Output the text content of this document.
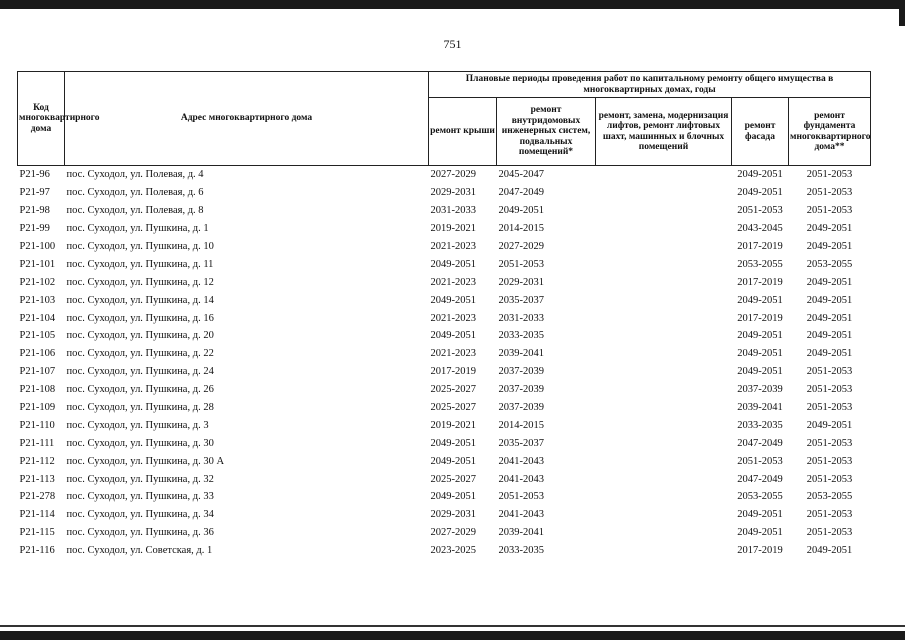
751
Код многоквартирного дома	Адрес многоквартирного дома	Плановые периоды проведения работ по капитальному ремонту общего имущества в многоквартирных домах, годы				
		ремонт крыши	ремонт внутридомовых инженерных систем, подвальных помещений*	ремонт, замена, модернизация лифтов, ремонт лифтовых шахт, машинных и блочных помещений	ремонт фасада	ремонт фундамента многоквартирного дома**
Р21-96	пос. Суходол, ул. Полевая, д. 4	2027-2029	2045-2047		2049-2051	2051-2053
Р21-97	пос. Суходол, ул. Полевая, д. 6	2029-2031	2047-2049		2049-2051	2051-2053
Р21-98	пос. Суходол, ул. Полевая, д. 8	2031-2033	2049-2051		2051-2053	2051-2053
Р21-99	пос. Суходол, ул. Пушкина, д. 1	2019-2021	2014-2015		2043-2045	2049-2051
Р21-100	пос. Суходол, ул. Пушкина, д. 10	2021-2023	2027-2029		2017-2019	2049-2051
Р21-101	пос. Суходол, ул. Пушкина, д. 11	2049-2051	2051-2053		2053-2055	2053-2055
Р21-102	пос. Суходол, ул. Пушкина, д. 12	2021-2023	2029-2031		2017-2019	2049-2051
Р21-103	пос. Суходол, ул. Пушкина, д. 14	2049-2051	2035-2037		2049-2051	2049-2051
Р21-104	пос. Суходол, ул. Пушкина, д. 16	2021-2023	2031-2033		2017-2019	2049-2051
Р21-105	пос. Суходол, ул. Пушкина, д. 20	2049-2051	2033-2035		2049-2051	2049-2051
Р21-106	пос. Суходол, ул. Пушкина, д. 22	2021-2023	2039-2041		2049-2051	2049-2051
Р21-107	пос. Суходол, ул. Пушкина, д. 24	2017-2019	2037-2039		2049-2051	2051-2053
Р21-108	пос. Суходол, ул. Пушкина, д. 26	2025-2027	2037-2039		2037-2039	2051-2053
Р21-109	пос. Суходол, ул. Пушкина, д. 28	2025-2027	2037-2039		2039-2041	2051-2053
Р21-110	пос. Суходол, ул. Пушкина, д. 3	2019-2021	2014-2015		2033-2035	2049-2051
Р21-111	пос. Суходол, ул. Пушкина, д. 30	2049-2051	2035-2037		2047-2049	2051-2053
Р21-112	пос. Суходол, ул. Пушкина, д. 30 А	2049-2051	2041-2043		2051-2053	2051-2053
Р21-113	пос. Суходол, ул. Пушкина, д. 32	2025-2027	2041-2043		2047-2049	2051-2053
Р21-278	пос. Суходол, ул. Пушкина, д. 33	2049-2051	2051-2053		2053-2055	2053-2055
Р21-114	пос. Суходол, ул. Пушкина, д. 34	2029-2031	2041-2043		2049-2051	2051-2053
Р21-115	пос. Суходол, ул. Пушкина, д. 36	2027-2029	2039-2041		2049-2051	2051-2053
Р21-116	пос. Суходол, ул. Советская, д. 1	2023-2025	2033-2035		2017-2019	2049-2051
